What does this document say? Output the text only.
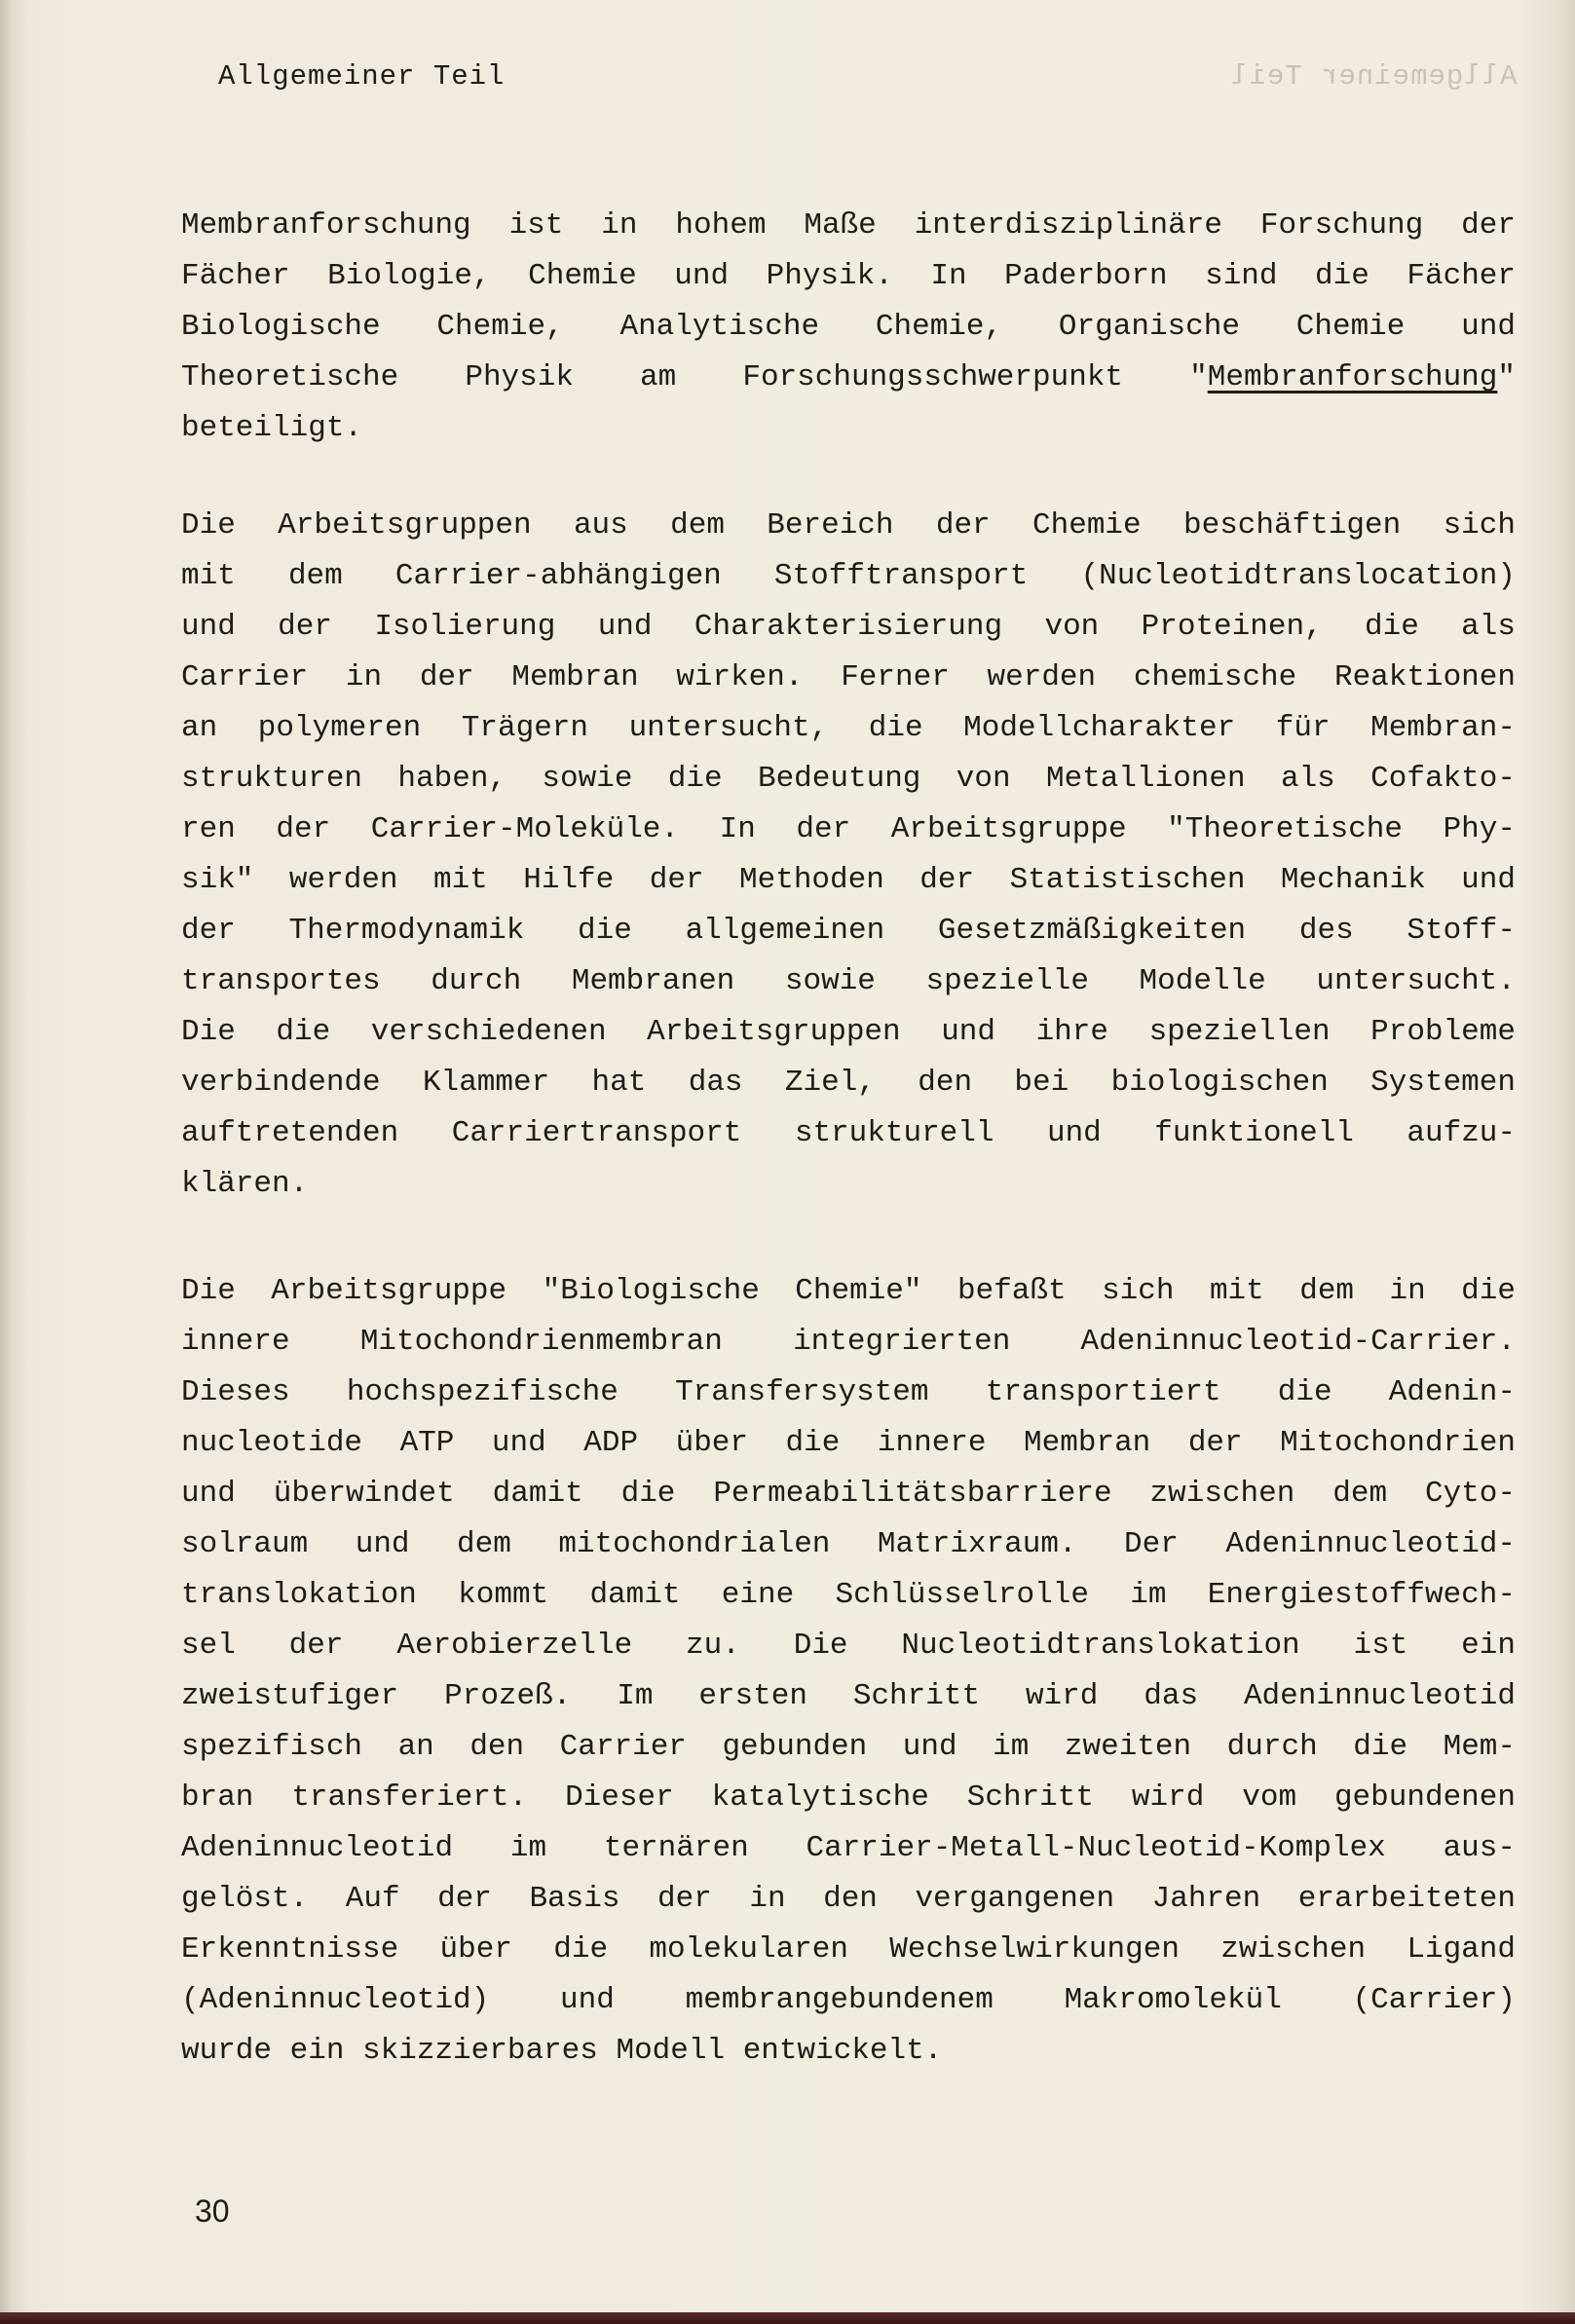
Allgemeiner Teil	Allgemeiner Teil
Membranforschung ist in hohem Maße interdisziplinäre Forschung der
Fächer Biologie, Chemie und Physik. In Paderborn sind die Fächer
Biologische Chemie, Analytische Chemie, Organische Chemie und
Theoretische Physik am Forschungsschwerpunkt "Membranforschung"
beteiligt.
Die Arbeitsgruppen aus dem Bereich der Chemie beschäftigen sich
mit dem Carrier-abhängigen Stofftransport (Nucleotidtranslocation)
und der Isolierung und Charakterisierung von Proteinen, die als
Carrier in der Membran wirken. Ferner werden chemische Reaktionen
an polymeren Trägern untersucht, die Modellcharakter für Membran-
strukturen haben, sowie die Bedeutung von Metallionen als Cofakto-
ren der Carrier-Moleküle. In der Arbeitsgruppe "Theoretische Phy-
sik" werden mit Hilfe der Methoden der Statistischen Mechanik und
der Thermodynamik die allgemeinen Gesetzmäßigkeiten des Stoff-
transportes durch Membranen sowie spezielle Modelle untersucht.
Die die verschiedenen Arbeitsgruppen und ihre speziellen Probleme
verbindende Klammer hat das Ziel, den bei biologischen Systemen
auftretenden Carriertransport strukturell und funktionell aufzu-
klären.
Die Arbeitsgruppe "Biologische Chemie" befaßt sich mit dem in die
innere Mitochondrienmembran integrierten Adeninnucleotid-Carrier.
Dieses hochspezifische Transfersystem transportiert die Adenin-
nucleotide ATP und ADP über die innere Membran der Mitochondrien
und überwindet damit die Permeabilitätsbarriere zwischen dem Cyto-
solraum und dem mitochondrialen Matrixraum. Der Adeninnucleotid-
translokation kommt damit eine Schlüsselrolle im Energiestoffwech-
sel der Aerobierzelle zu. Die Nucleotidtranslokation ist ein
zweistufiger Prozeß. Im ersten Schritt wird das Adeninnucleotid
spezifisch an den Carrier gebunden und im zweiten durch die Mem-
bran transferiert. Dieser katalytische Schritt wird vom gebundenen
Adeninnucleotid im ternären Carrier-Metall-Nucleotid-Komplex aus-
gelöst. Auf der Basis der in den vergangenen Jahren erarbeiteten
Erkenntnisse über die molekularen Wechselwirkungen zwischen Ligand
(Adeninnucleotid) und membrangebundenem Makromolekül (Carrier)
wurde ein skizzierbares Modell entwickelt.
30
